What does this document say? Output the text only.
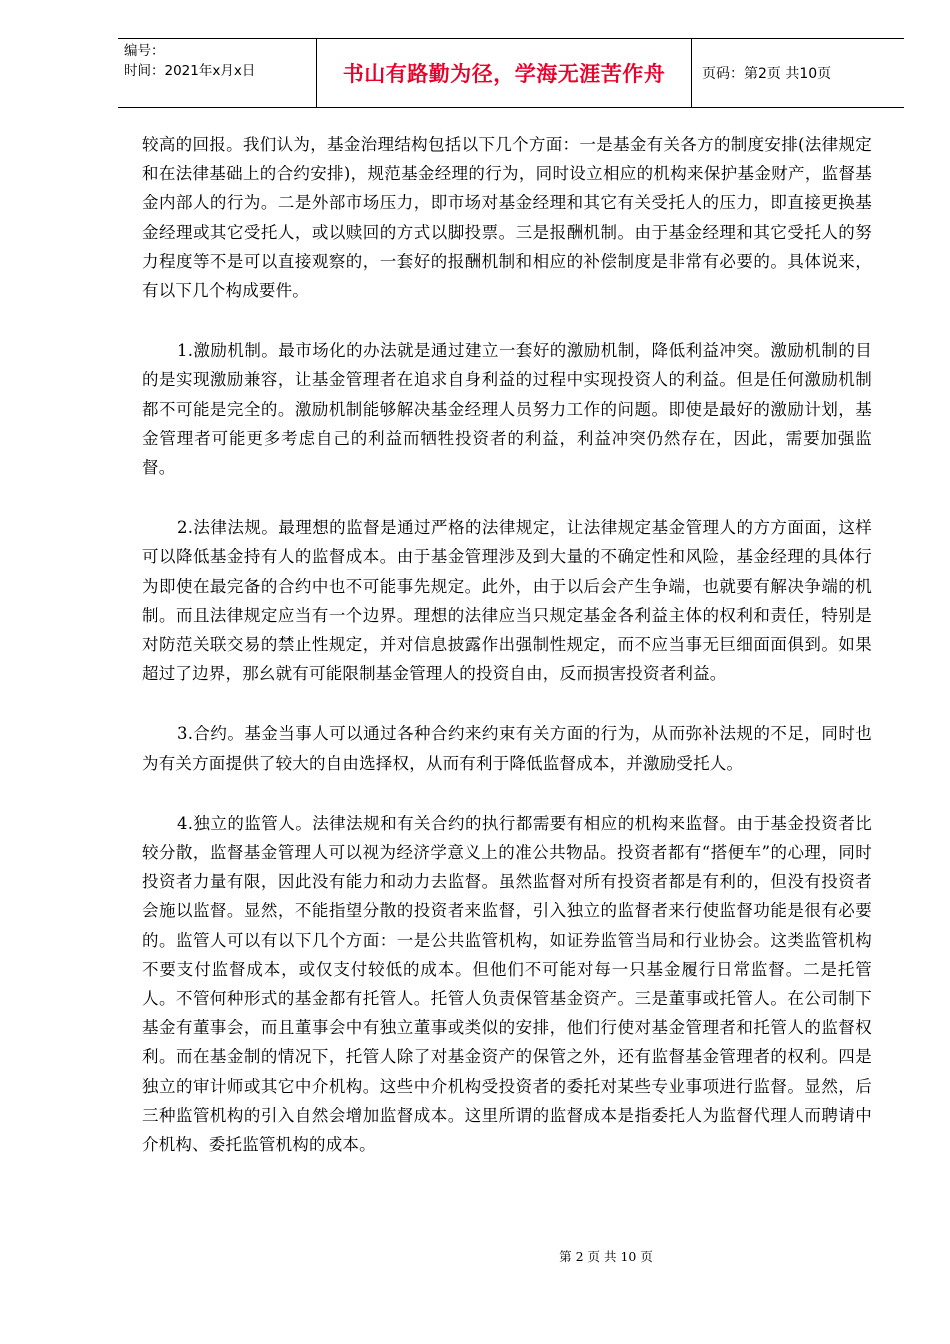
编号：
时间：2021年x月x日	书山有路勤为径，学海无涯苦作舟	页码：第2页 共10页

较高的回报。我们认为，基金治理结构包括以下几个方面：一是基金有关各方的制度安排(法律规定和在法律基础上的合约安排)，规范基金经理的行为，同时设立相应的机构来保护基金财产，监督基金内部人的行为。二是外部市场压力，即市场对基金经理和其它有关受托人的压力，即直接更换基金经理或其它受托人，或以赎回的方式以脚投票。三是报酬机制。由于基金经理和其它受托人的努力程度等不是可以直接观察的，一套好的报酬机制和相应的补偿制度是非常有必要的。具体说来，有以下几个构成要件。

1.激励机制。最市场化的办法就是通过建立一套好的激励机制，降低利益冲突。激励机制的目的是实现激励兼容，让基金管理者在追求自身利益的过程中实现投资人的利益。但是任何激励机制都不可能是完全的。激励机制能够解决基金经理人员努力工作的问题。即使是最好的激励计划，基金管理者可能更多考虑自己的利益而牺牲投资者的利益，利益冲突仍然存在，因此，需要加强监督。

2.法律法规。最理想的监督是通过严格的法律规定，让法律规定基金管理人的方方面面，这样可以降低基金持有人的监督成本。由于基金管理涉及到大量的不确定性和风险，基金经理的具体行为即使在最完备的合约中也不可能事先规定。此外，由于以后会产生争端，也就要有解决争端的机制。而且法律规定应当有一个边界。理想的法律应当只规定基金各利益主体的权利和责任，特别是对防范关联交易的禁止性规定，并对信息披露作出强制性规定，而不应当事无巨细面面俱到。如果超过了边界，那幺就有可能限制基金管理人的投资自由，反而损害投资者利益。

3.合约。基金当事人可以通过各种合约来约束有关方面的行为，从而弥补法规的不足，同时也为有关方面提供了较大的自由选择权，从而有利于降低监督成本，并激励受托人。

4.独立的监管人。法律法规和有关合约的执行都需要有相应的机构来监督。由于基金投资者比较分散，监督基金管理人可以视为经济学意义上的准公共物品。投资者都有“搭便车”的心理，同时投资者力量有限，因此没有能力和动力去监督。虽然监督对所有投资者都是有利的，但没有投资者会施以监督。显然，不能指望分散的投资者来监督，引入独立的监督者来行使监督功能是很有必要的。监管人可以有以下几个方面：一是公共监管机构，如证券监管当局和行业协会。这类监管机构不要支付监督成本，或仅支付较低的成本。但他们不可能对每一只基金履行日常监督。二是托管人。不管何种形式的基金都有托管人。托管人负责保管基金资产。三是董事或托管人。在公司制下基金有董事会，而且董事会中有独立董事或类似的安排，他们行使对基金管理者和托管人的监督权利。而在基金制的情况下，托管人除了对基金资产的保管之外，还有监督基金管理者的权利。四是独立的审计师或其它中介机构。这些中介机构受投资者的委托对某些专业事项进行监督。显然，后三种监管机构的引入自然会增加监督成本。这里所谓的监督成本是指委托人为监督代理人而聘请中介机构、委托监管机构的成本。

第 2 页 共 10 页
